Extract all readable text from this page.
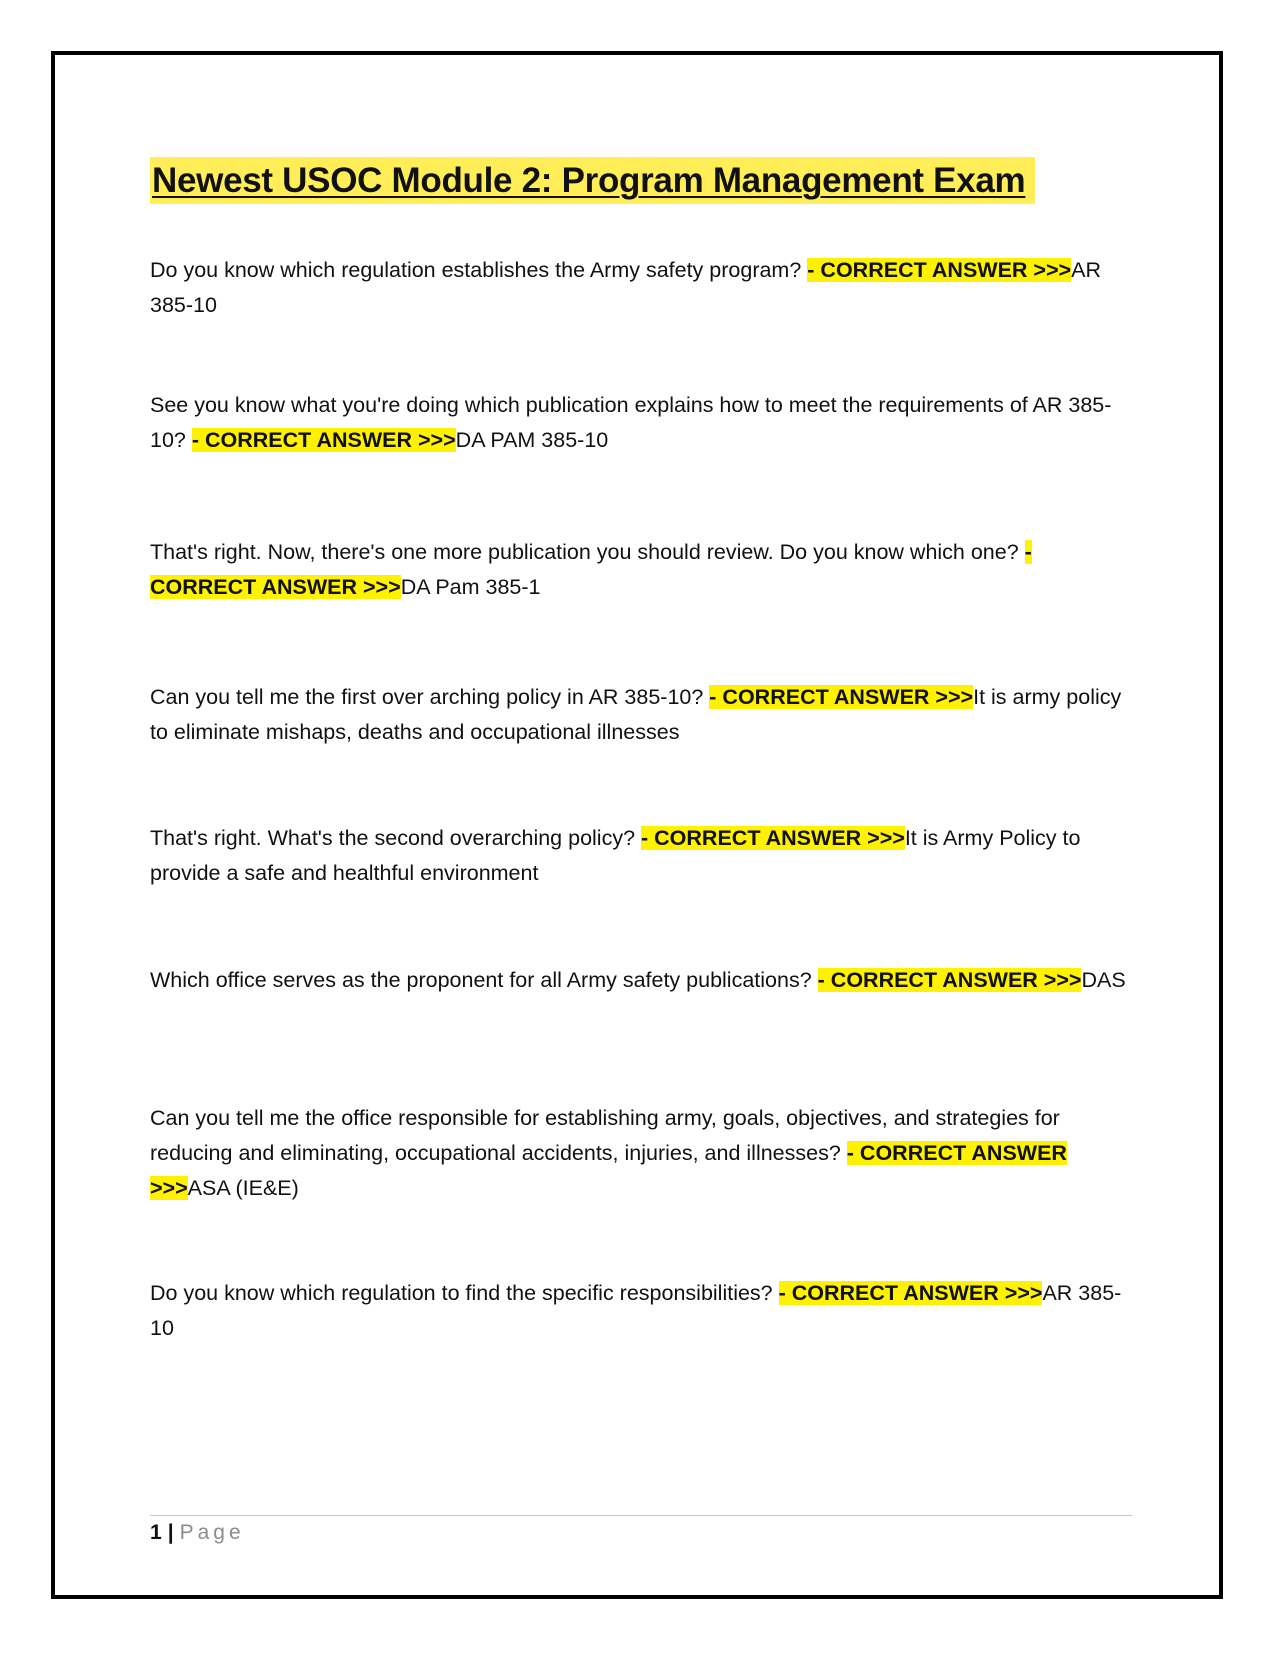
Newest USOC Module 2: Program Management Exam

Do you know which regulation establishes the Army safety program? - CORRECT ANSWER >>>AR 385-10

See you know what you're doing which publication explains how to meet the requirements of AR 385-10? - CORRECT ANSWER >>>DA PAM 385-10

That's right. Now, there's one more publication you should review. Do you know which one? - CORRECT ANSWER >>>DA Pam 385-1

Can you tell me the first over arching policy in AR 385-10? - CORRECT ANSWER >>>It is army policy to eliminate mishaps, deaths and occupational illnesses

That's right. What's the second overarching policy? - CORRECT ANSWER >>>It is Army Policy to provide a safe and healthful environment

Which office serves as the proponent for all Army safety publications? - CORRECT ANSWER >>>DAS

Can you tell me the office responsible for establishing army, goals, objectives, and strategies for reducing and eliminating, occupational accidents, injuries, and illnesses? - CORRECT ANSWER >>>ASA (IE&E)

Do you know which regulation to find the specific responsibilities? - CORRECT ANSWER >>>AR 385-10

1 | Page
